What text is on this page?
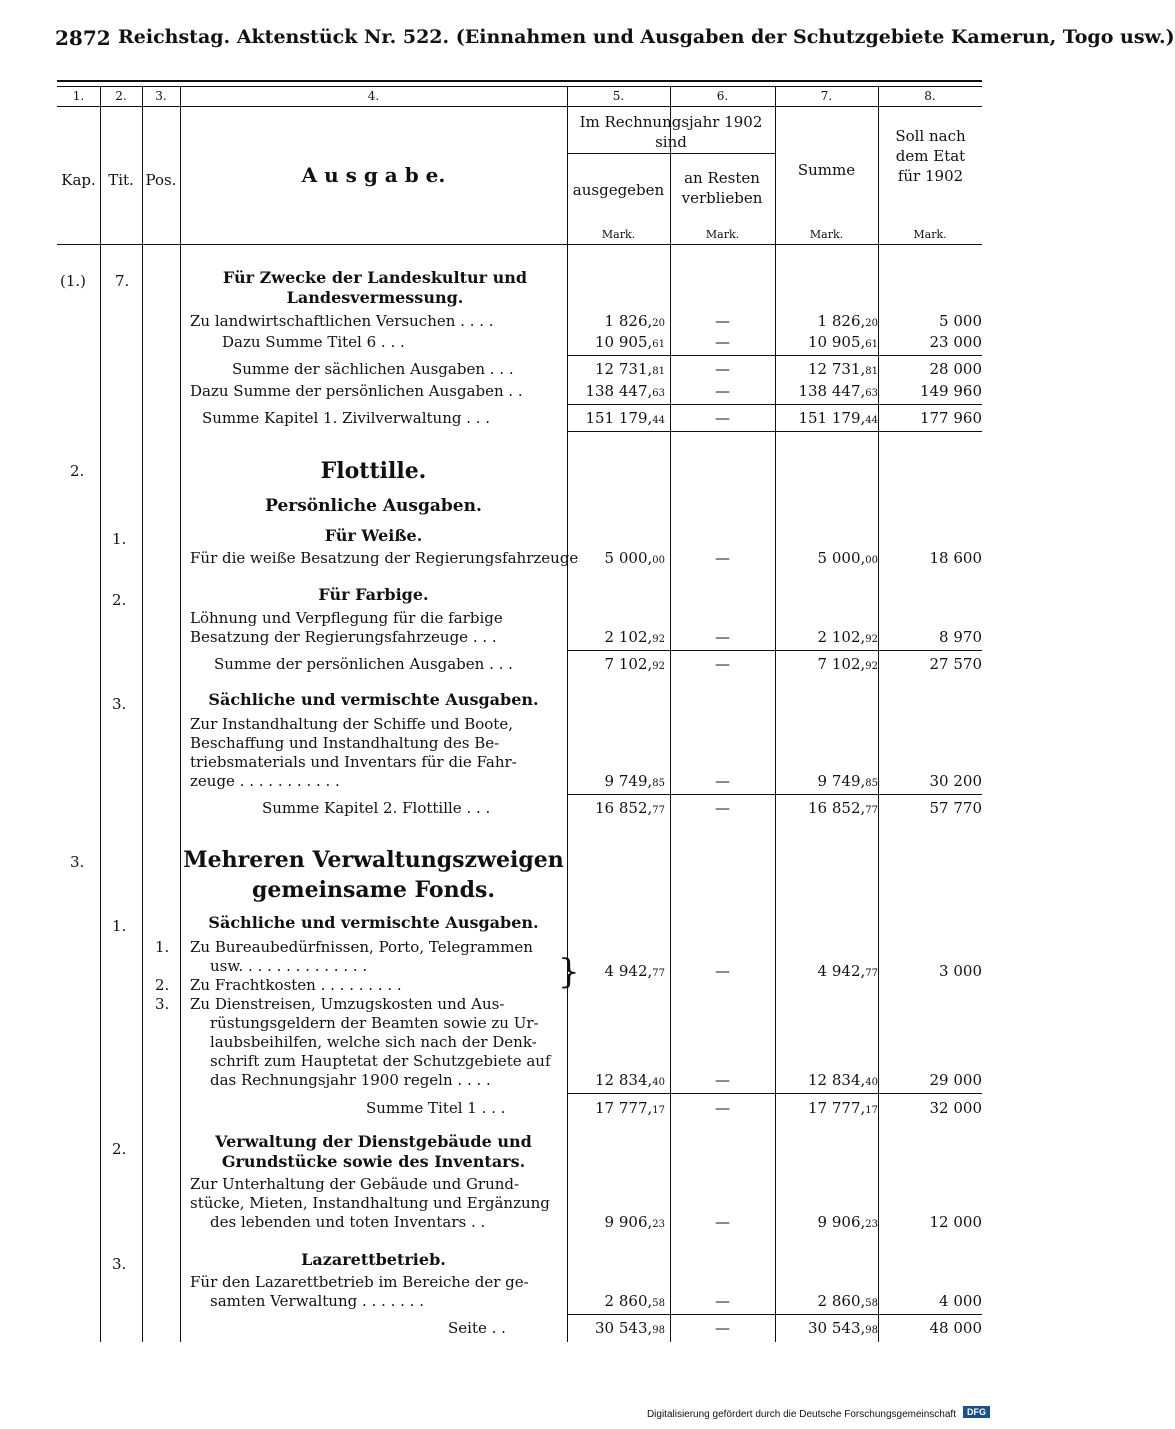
2872 Reichstag. Aktenstück Nr. 522. (Einnahmen und Ausgaben der Schutzgebiete Kamerun, Togo usw.)
1.	2.	3.	4.	5.	6.	7.	8.
Kap. Tit. Pos.	A u s g a b e.
Im Rechnungsjahr 1902 sind
ausgegeben
an Resten verblieben
Summe
Soll nach dem Etat für 1902
Mark.	Mark.	Mark.	Mark.
(1.) 7.	Für Zwecke der Landeskultur und Landesvermessung.
Zu landwirtschaftlichen Versuchen . . . .	1 826,20	—	1 826,20	5 000
Dazu Summe Titel 6 . . .	10 905,61	—	10 905,61	23 000
Summe der sächlichen Ausgaben . . .	12 731,81	—	12 731,81	28 000
Dazu Summe der persönlichen Ausgaben . .	138 447,63	—	138 447,63	149 960
Summe Kapitel 1. Zivilverwaltung . . .	151 179,44	—	151 179,44	177 960
2.	Flottille.
Persönliche Ausgaben.
1.	Für Weiße.
Für die weiße Besatzung der Regierungsfahrzeuge 5 000,00	—	5 000,00	18 600
2.	Für Farbige.
Löhnung und Verpflegung für die farbige
Besatzung der Regierungsfahrzeuge . . .	2 102,92	—	2 102,92	8 970
Summe der persönlichen Ausgaben . . .	7 102,92	—	7 102,92	27 570
3.	Sächliche und vermischte Ausgaben.
Zur Instandhaltung der Schiffe und Boote,
Beschaffung und Instandhaltung des Be-
triebsmaterials und Inventars für die Fahr-
zeuge . . . . . . . . . . .	9 749,85	—	9 749,85	30 200
Summe Kapitel 2. Flottille . . .	16 852,77	—	16 852,77	57 770
3.	Mehreren Verwaltungszweigen
gemeinsame Fonds.
1.	Sächliche und vermischte Ausgaben.
1. Zu Bureaubedürfnissen, Porto, Telegrammen
usw. . . . . . . . . . . . . .
2. Zu Frachtkosten . . . . . . . . .	} 4 942,77	—	4 942,77	3 000
3. Zu Dienstreisen, Umzugskosten und Aus-
rüstungsgeldern der Beamten sowie zu Ur-
laubsbeihilfen, welche sich nach der Denk-
schrift zum Hauptetat der Schutzgebiete auf
das Rechnungsjahr 1900 regeln . . . .	12 834,40	—	12 834,40	29 000
Summe Titel 1 . . .	17 777,17	—	17 777,17	32 000
2.	Verwaltung der Dienstgebäude und
Grundstücke sowie des Inventars.
Zur Unterhaltung der Gebäude und Grund-
stücke, Mieten, Instandhaltung und Ergänzung
des lebenden und toten Inventars . .	9 906,23	—	9 906,23	12 000
3.	Lazarettbetrieb.
Für den Lazarettbetrieb im Bereiche der ge-
samten Verwaltung . . . . . . .	2 860,58	—	2 860,58	4 000
Seite . .	30 543,98	—	30 543,98	48 000
Digitalisierung gefördert durch die Deutsche Forschungsgemeinschaft	DFG
